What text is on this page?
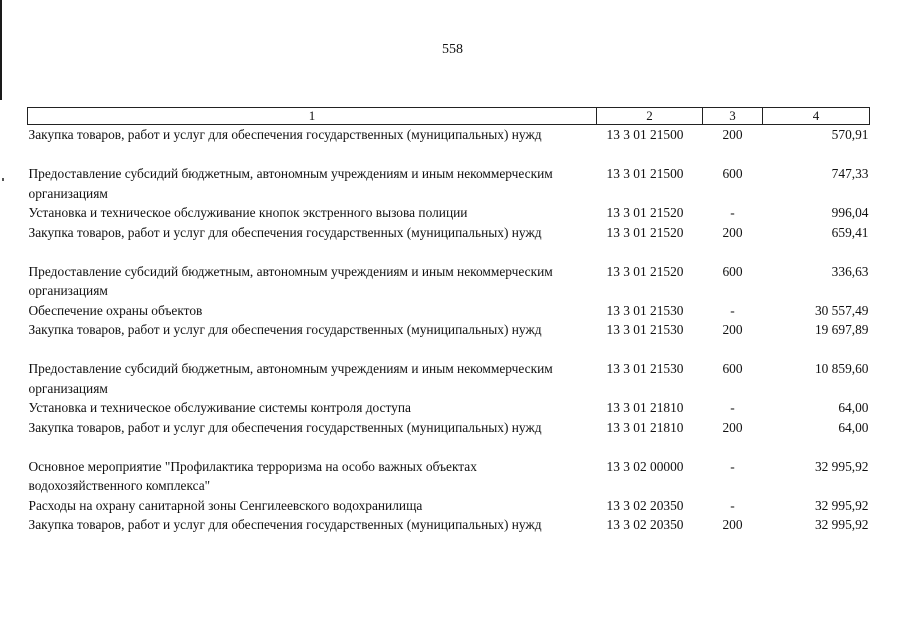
558
1	2	3	4
Закупка товаров, работ и услуг для обеспечения государственных (муниципальных) нужд	13 3 01 21500	200	570,91
Предоставление субсидий бюджетным, автономным учреждениям и иным некоммерческим организациям	13 3 01 21500	600	747,33
Установка и техническое обслуживание кнопок экстренного вызова полиции	13 3 01 21520	-	996,04
Закупка товаров, работ и услуг для обеспечения государственных (муниципальных) нужд	13 3 01 21520	200	659,41
Предоставление субсидий бюджетным, автономным учреждениям и иным некоммерческим организациям	13 3 01 21520	600	336,63
Обеспечение охраны объектов	13 3 01 21530	-	30 557,49
Закупка товаров, работ и услуг для обеспечения государственных (муниципальных) нужд	13 3 01 21530	200	19 697,89
Предоставление субсидий бюджетным, автономным учреждениям и иным некоммерческим организациям	13 3 01 21530	600	10 859,60
Установка и техническое обслуживание системы контроля доступа	13 3 01 21810	-	64,00
Закупка товаров, работ и услуг для обеспечения государственных (муниципальных) нужд	13 3 01 21810	200	64,00
Основное мероприятие "Профилактика терроризма на особо важных объектах водохозяйственного комплекса"	13 3 02 00000	-	32 995,92
Расходы на охрану санитарной зоны Сенгилеевского водохранилища	13 3 02 20350	-	32 995,92
Закупка товаров, работ и услуг для обеспечения государственных (муниципальных) нужд	13 3 02 20350	200	32 995,92
